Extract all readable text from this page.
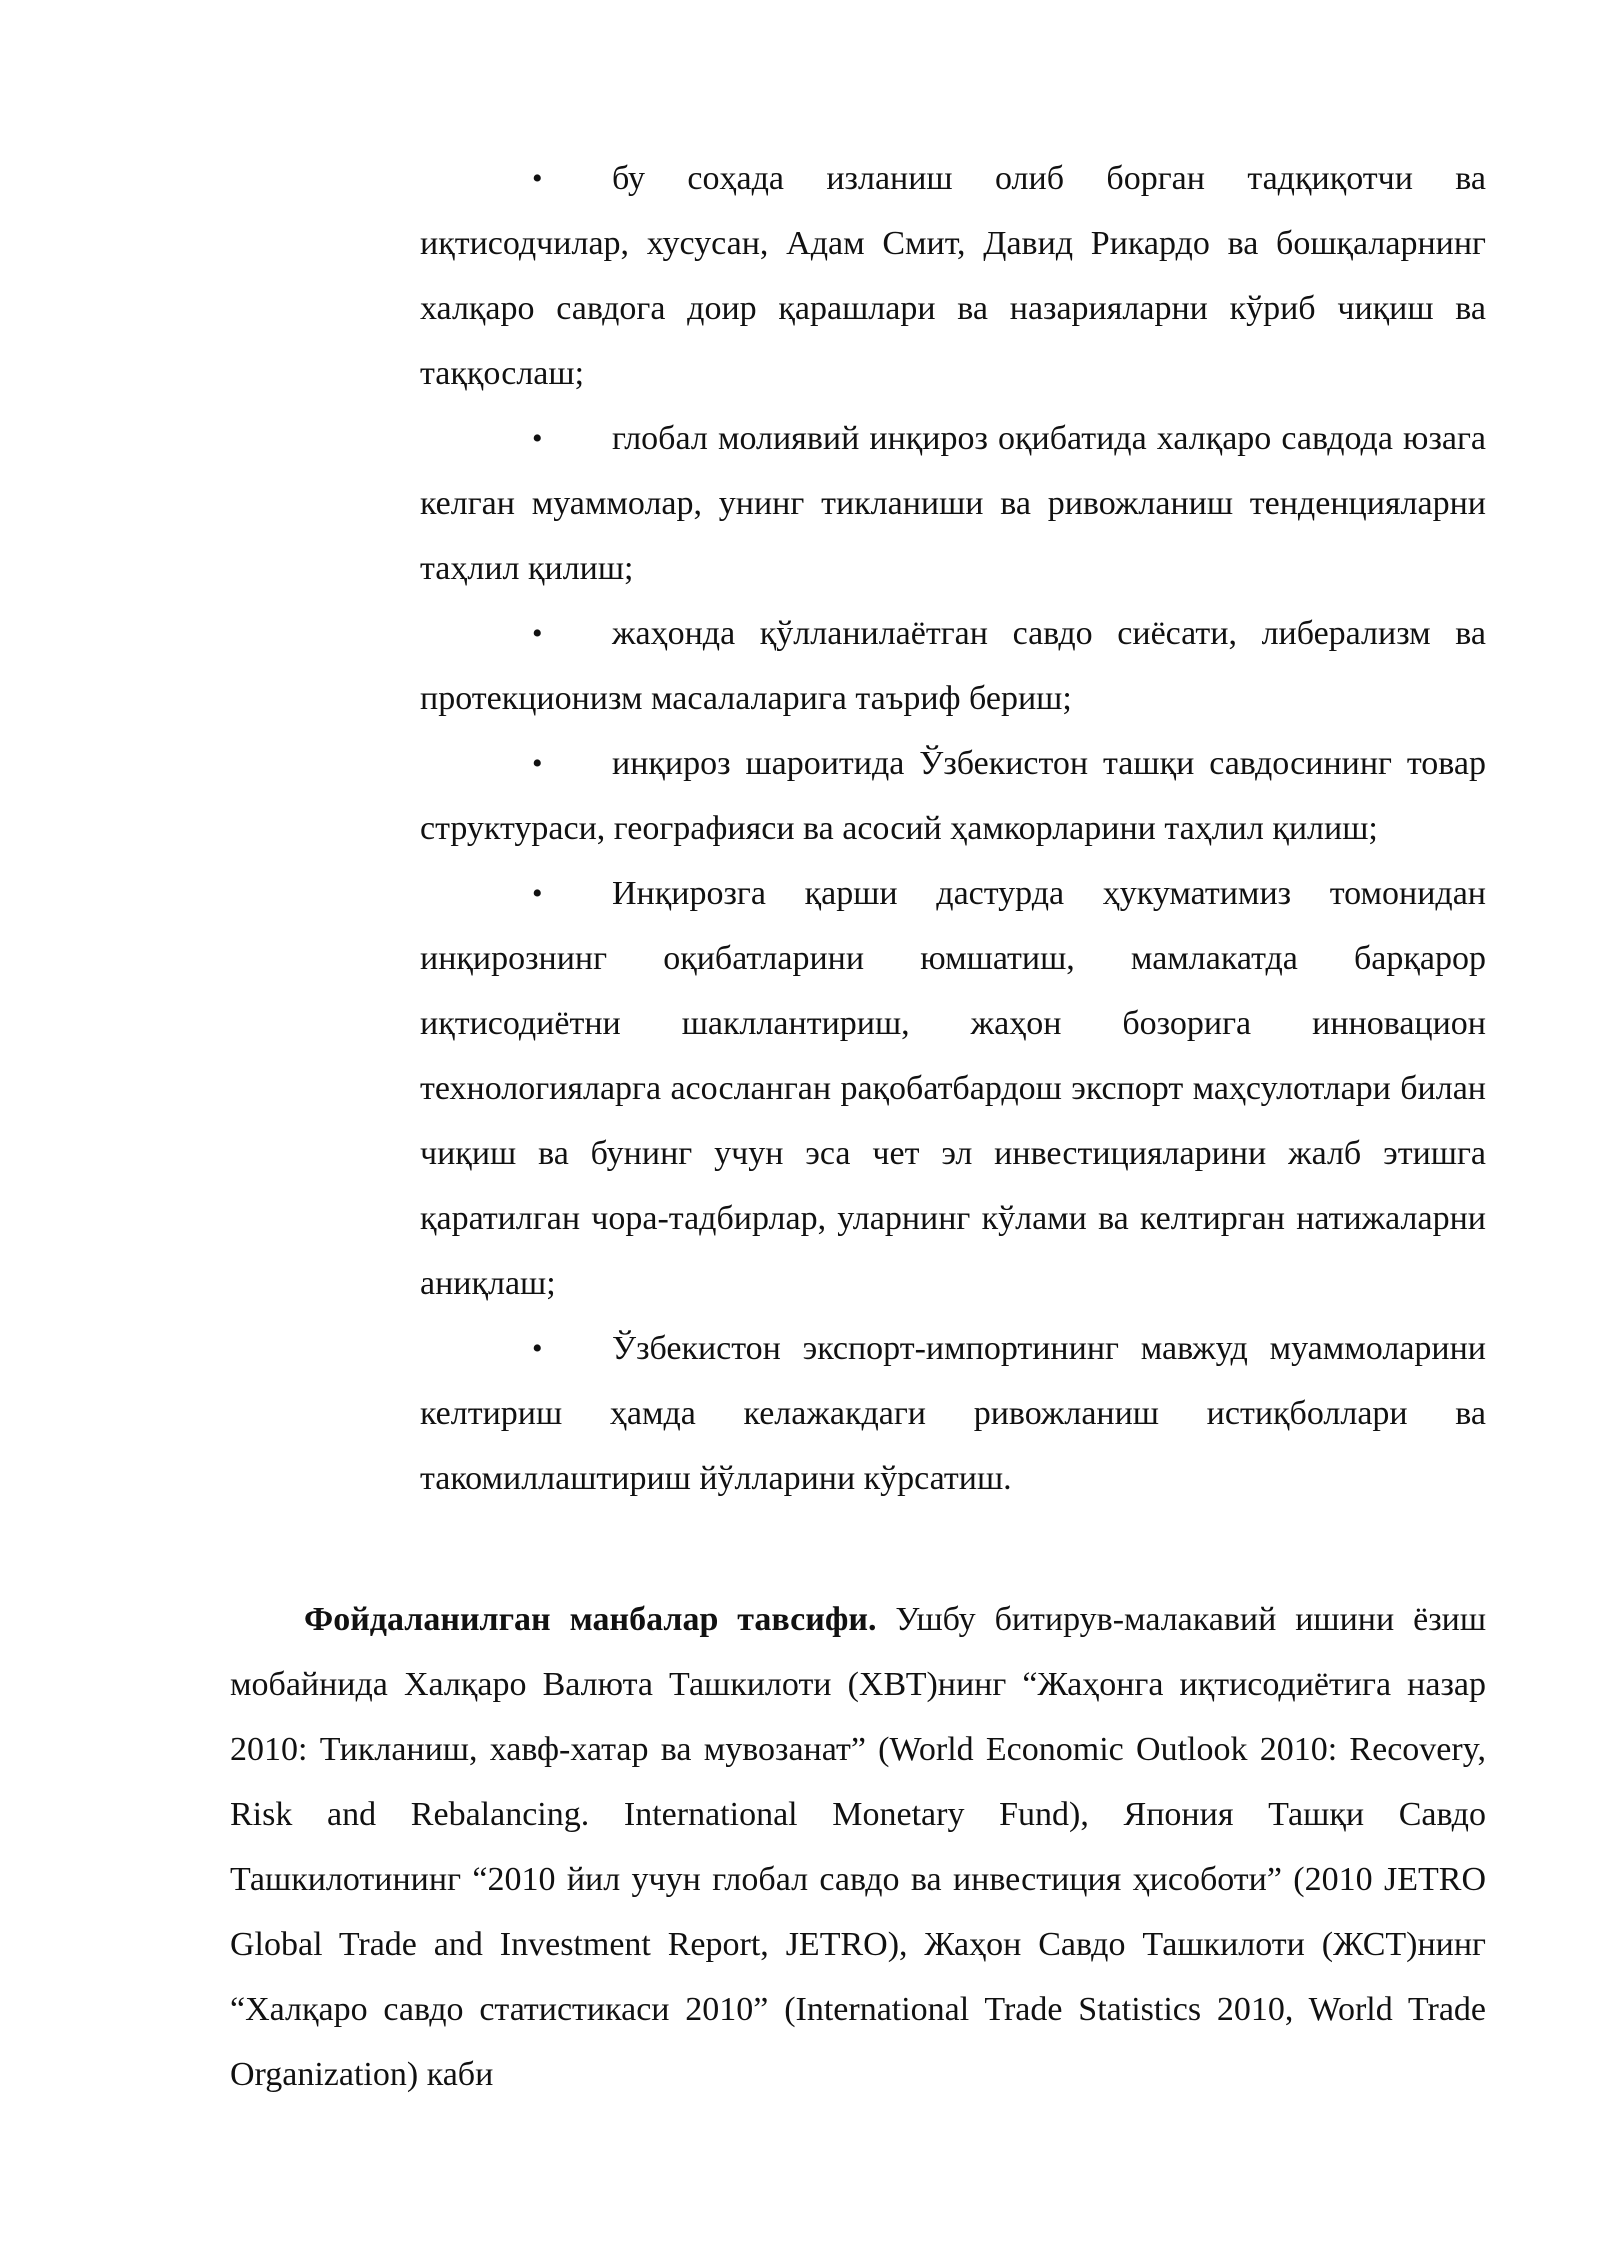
• бу соҳада изланиш олиб борган тадқиқотчи ва иқтисодчилар, хусусан, Адам Смит, Давид Рикардо ва бошқаларнинг халқаро савдога доир қарашлари ва назарияларни кўриб чиқиш ва таққослаш;

• глобал молиявий инқироз оқибатида халқаро савдода юзага келган муаммолар, унинг тикланиши ва ривожланиш тенденцияларни таҳлил қилиш;

• жаҳонда қўлланилаётган савдо сиёсати, либерализм ва протекционизм масалаларига таъриф бериш;

• инқироз шароитида Ўзбекистон ташқи савдосининг товар структураси, географияси ва асосий ҳамкорларини таҳлил қилиш;

• Инқирозга қарши дастурда ҳукуматимиз томонидан инқирознинг оқибатларини юмшатиш, мамлакатда барқарор иқтисодиётни шакллантириш, жаҳон бозорига инновацион технологияларга асосланган рақобатбардош экспорт маҳсулотлари билан чиқиш ва бунинг учун эса чет эл инвестицияларини жалб этишга қаратилган чора-тадбирлар, уларнинг кўлами ва келтирган натижаларни аниқлаш;

• Ўзбекистон экспорт-импортининг мавжуд муаммоларини келтириш ҳамда келажакдаги ривожланиш истиқболлари ва такомиллаштириш йўлларини кўрсатиш.

Фойдаланилган манбалар тавсифи. Ушбу битирув-малакавий ишини ёзиш мобайнида Халқаро Валюта Ташкилоти (ХВТ)нинг “Жаҳонга иқтисодиётига назар 2010: Тикланиш, хавф-хатар ва мувозанат” (World Economic Outlook 2010: Recovery, Risk and Rebalancing. International Monetary Fund), Япония Ташқи Савдо Ташкилотининг “2010 йил учун глобал савдо ва инвестиция ҳисоботи” (2010 JETRO Global Trade and Investment Report, JETRO), Жаҳон Савдо Ташкилоти (ЖСТ)нинг “Халқаро савдо статистикаси 2010” (International Trade Statistics 2010, World Trade Organization) каби
